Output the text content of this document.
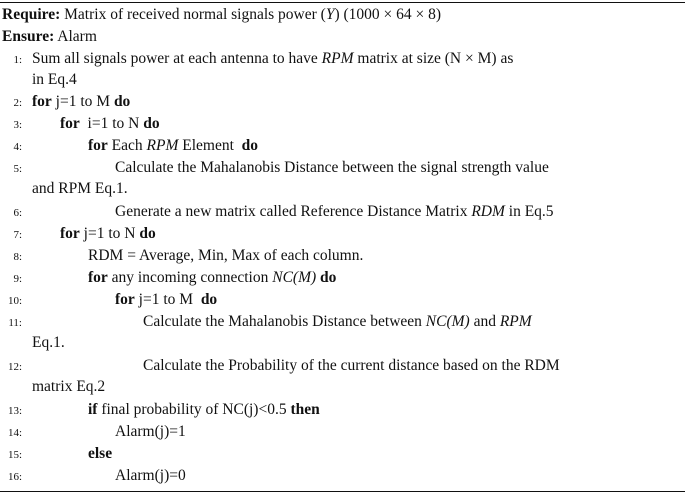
Require: Matrix of received normal signals power (Y) (1000 × 64 × 8)
Ensure: Alarm
1: Sum all signals power at each antenna to have RPM matrix at size (N × M) as
in Eq.4
2: for j=1 to M do
3: for  i=1 to N do
4:	for Each RPM Element  do
5:	Calculate the Mahalanobis Distance between the signal strength value
and RPM Eq.1.
6:	Generate a new matrix called Reference Distance Matrix RDM in Eq.5
7: for j=1 to N do
8:	RDM = Average, Min, Max of each column.
9:	for any incoming connection NC(M) do
10:	for j=1 to M  do
11:	Calculate the Mahalanobis Distance between NC(M) and RPM
Eq.1.
12:	Calculate the Probability of the current distance based on the RDM
matrix Eq.2
13:	if final probability of NC(j)<0.5 then
14:	Alarm(j)=1
15:	else
16:	Alarm(j)=0
